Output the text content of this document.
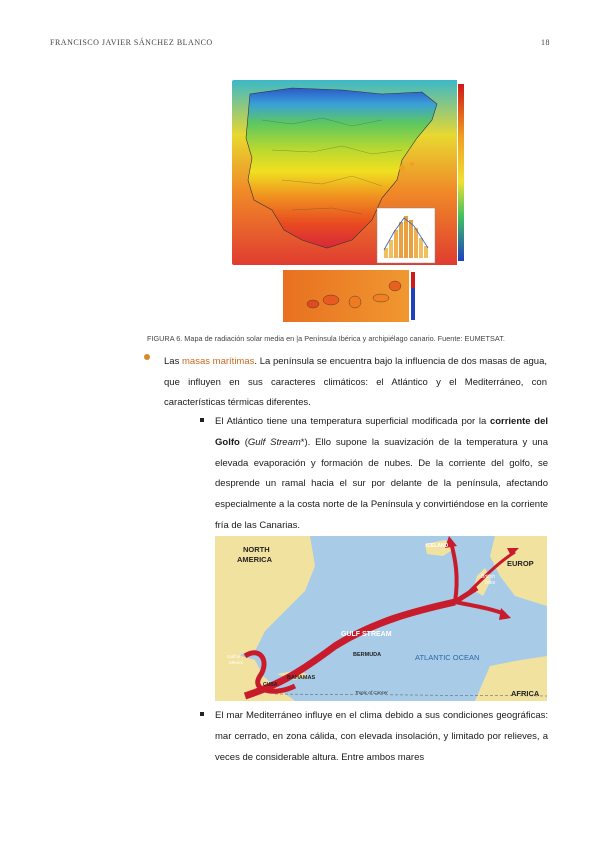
FRANCISCO JAVIER SÁNCHEZ BLANCO	18
FIGURA 6. Mapa de radiación solar media en |a Península Ibérica y archipiélago canario. Fuente: EUMETSAT.

Las masas marítimas. La península se encuentra bajo la influencia de dos masas de agua, que influyen en sus caracteres climáticos: el Atlántico y el Mediterráneo, con características térmicas diferentes.

El Atlántico tiene una temperatura superficial modificada por la corriente del Golfo (Gulf Stream*). Ello supone la suavización de la temperatura y una elevada evaporación y formación de nubes. De la corriente del golfo, se desprende un ramal hacia el sur por delante de la península, afectando especialmente a la costa norte de la Península y convirtiéndose en la corriente fría de las Canarias.

NORTH
AMERICA
ICELAND
EUROP
GULF STREAM
BERMUDA	ATLANTIC OCEAN
BAHAMAS
CUBA
Tropic of Cancer	AFRICA
British
Isles
Gulf of
Mexico

El mar Mediterráneo influye en el clima debido a sus condiciones geográficas: mar cerrado, en zona cálida, con elevada insolación, y limitado por relieves, a veces de considerable altura. Entre ambos mares
